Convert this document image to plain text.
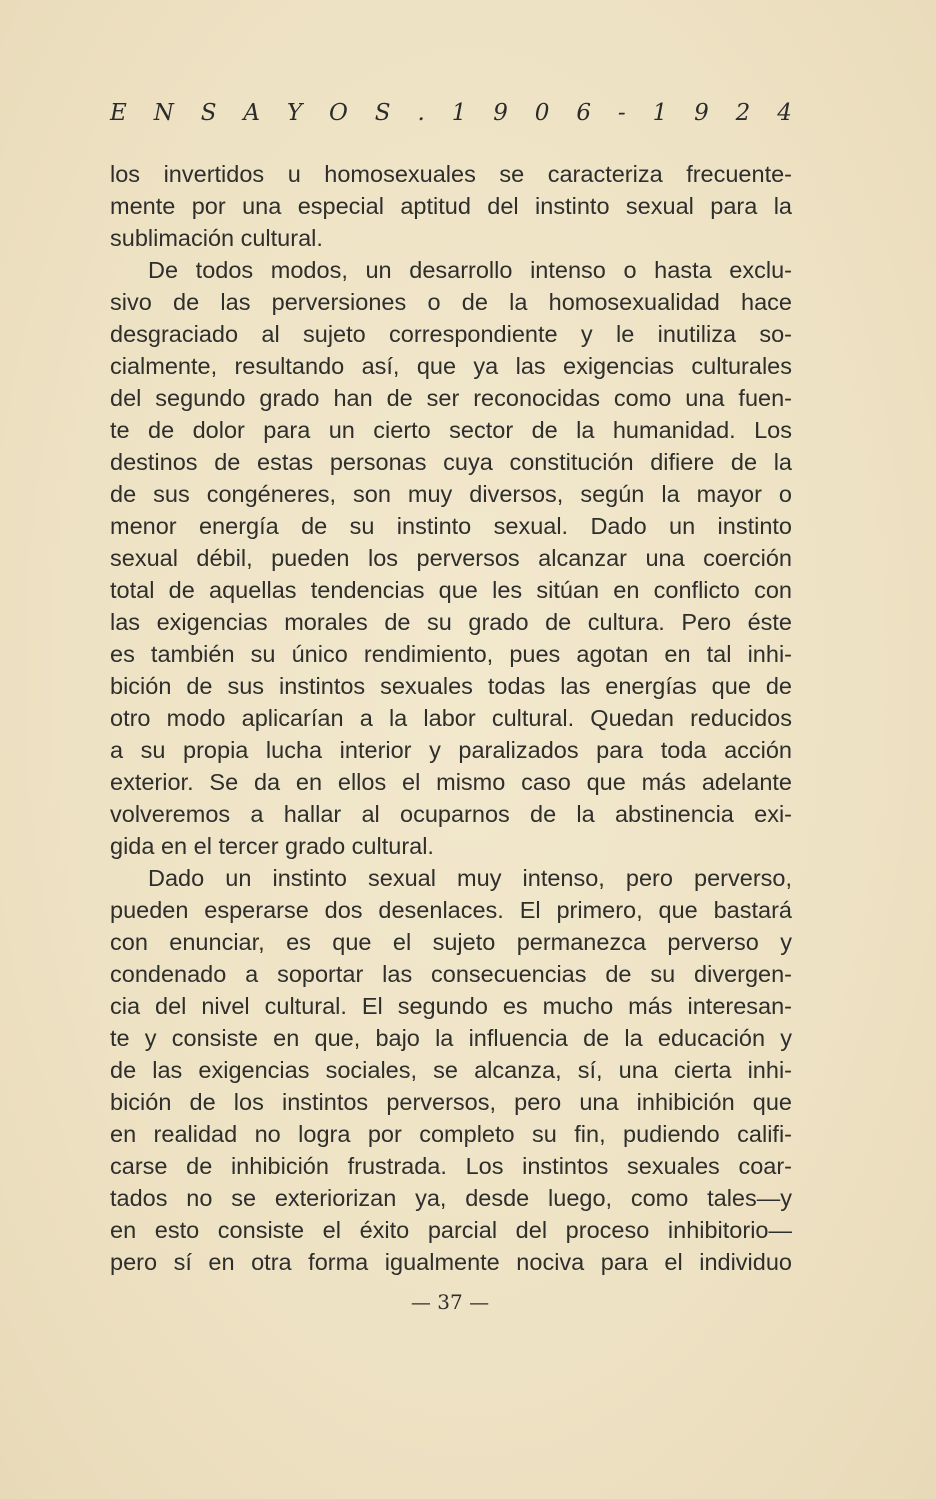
E N S A Y O S . 1 9 0 6 - 1 9 2 4
los invertidos u homosexuales se caracteriza frecuente-
mente por una especial aptitud del instinto sexual para la
sublimación cultural.
De todos modos, un desarrollo intenso o hasta exclu-
sivo de las perversiones o de la homosexualidad hace
desgraciado al sujeto correspondiente y le inutiliza so-
cialmente, resultando así, que ya las exigencias culturales
del segundo grado han de ser reconocidas como una fuen-
te de dolor para un cierto sector de la humanidad. Los
destinos de estas personas cuya constitución difiere de la
de sus congéneres, son muy diversos, según la mayor o
menor energía de su instinto sexual. Dado un instinto
sexual débil, pueden los perversos alcanzar una coerción
total de aquellas tendencias que les sitúan en conflicto con
las exigencias morales de su grado de cultura. Pero éste
es también su único rendimiento, pues agotan en tal inhi-
bición de sus instintos sexuales todas las energías que de
otro modo aplicarían a la labor cultural. Quedan reducidos
a su propia lucha interior y paralizados para toda acción
exterior. Se da en ellos el mismo caso que más adelante
volveremos a hallar al ocuparnos de la abstinencia exi-
gida en el tercer grado cultural.
Dado un instinto sexual muy intenso, pero perverso,
pueden esperarse dos desenlaces. El primero, que bastará
con enunciar, es que el sujeto permanezca perverso y
condenado a soportar las consecuencias de su divergen-
cia del nivel cultural. El segundo es mucho más interesan-
te y consiste en que, bajo la influencia de la educación y
de las exigencias sociales, se alcanza, sí, una cierta inhi-
bición de los instintos perversos, pero una inhibición que
en realidad no logra por completo su fin, pudiendo califi-
carse de inhibición frustrada. Los instintos sexuales coar-
tados no se exteriorizan ya, desde luego, como tales—y
en esto consiste el éxito parcial del proceso inhibitorio—
pero sí en otra forma igualmente nociva para el individuo
— 37 —
